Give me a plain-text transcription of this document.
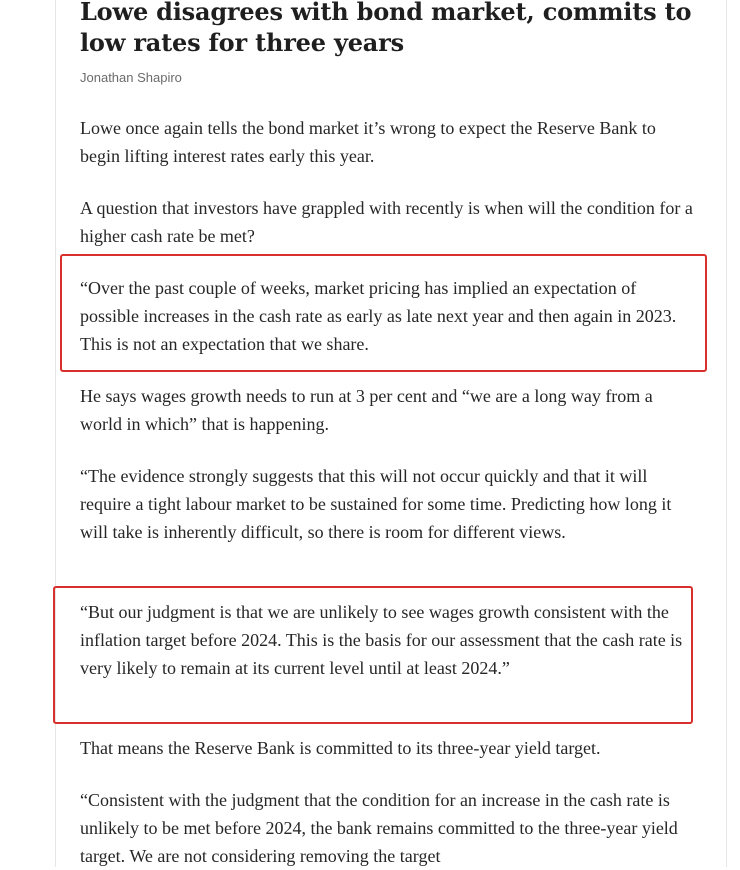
Lowe disagrees with bond market, commits to low rates for three years
Jonathan Shapiro

Lowe once again tells the bond market it’s wrong to expect the Reserve Bank to begin lifting interest rates early this year.

A question that investors have grappled with recently is when will the condition for a higher cash rate be met?

“Over the past couple of weeks, market pricing has implied an expectation of possible increases in the cash rate as early as late next year and then again in 2023. This is not an expectation that we share.

He says wages growth needs to run at 3 per cent and “we are a long way from a world in which” that is happening.

“The evidence strongly suggests that this will not occur quickly and that it will require a tight labour market to be sustained for some time. Predicting how long it will take is inherently difficult, so there is room for different views.

“But our judgment is that we are unlikely to see wages growth consistent with the inflation target before 2024. This is the basis for our assessment that the cash rate is very likely to remain at its current level until at least 2024.”

That means the Reserve Bank is committed to its three-year yield target.

“Consistent with the judgment that the condition for an increase in the cash rate is unlikely to be met before 2024, the bank remains committed to the three-year yield target. We are not considering removing the target
